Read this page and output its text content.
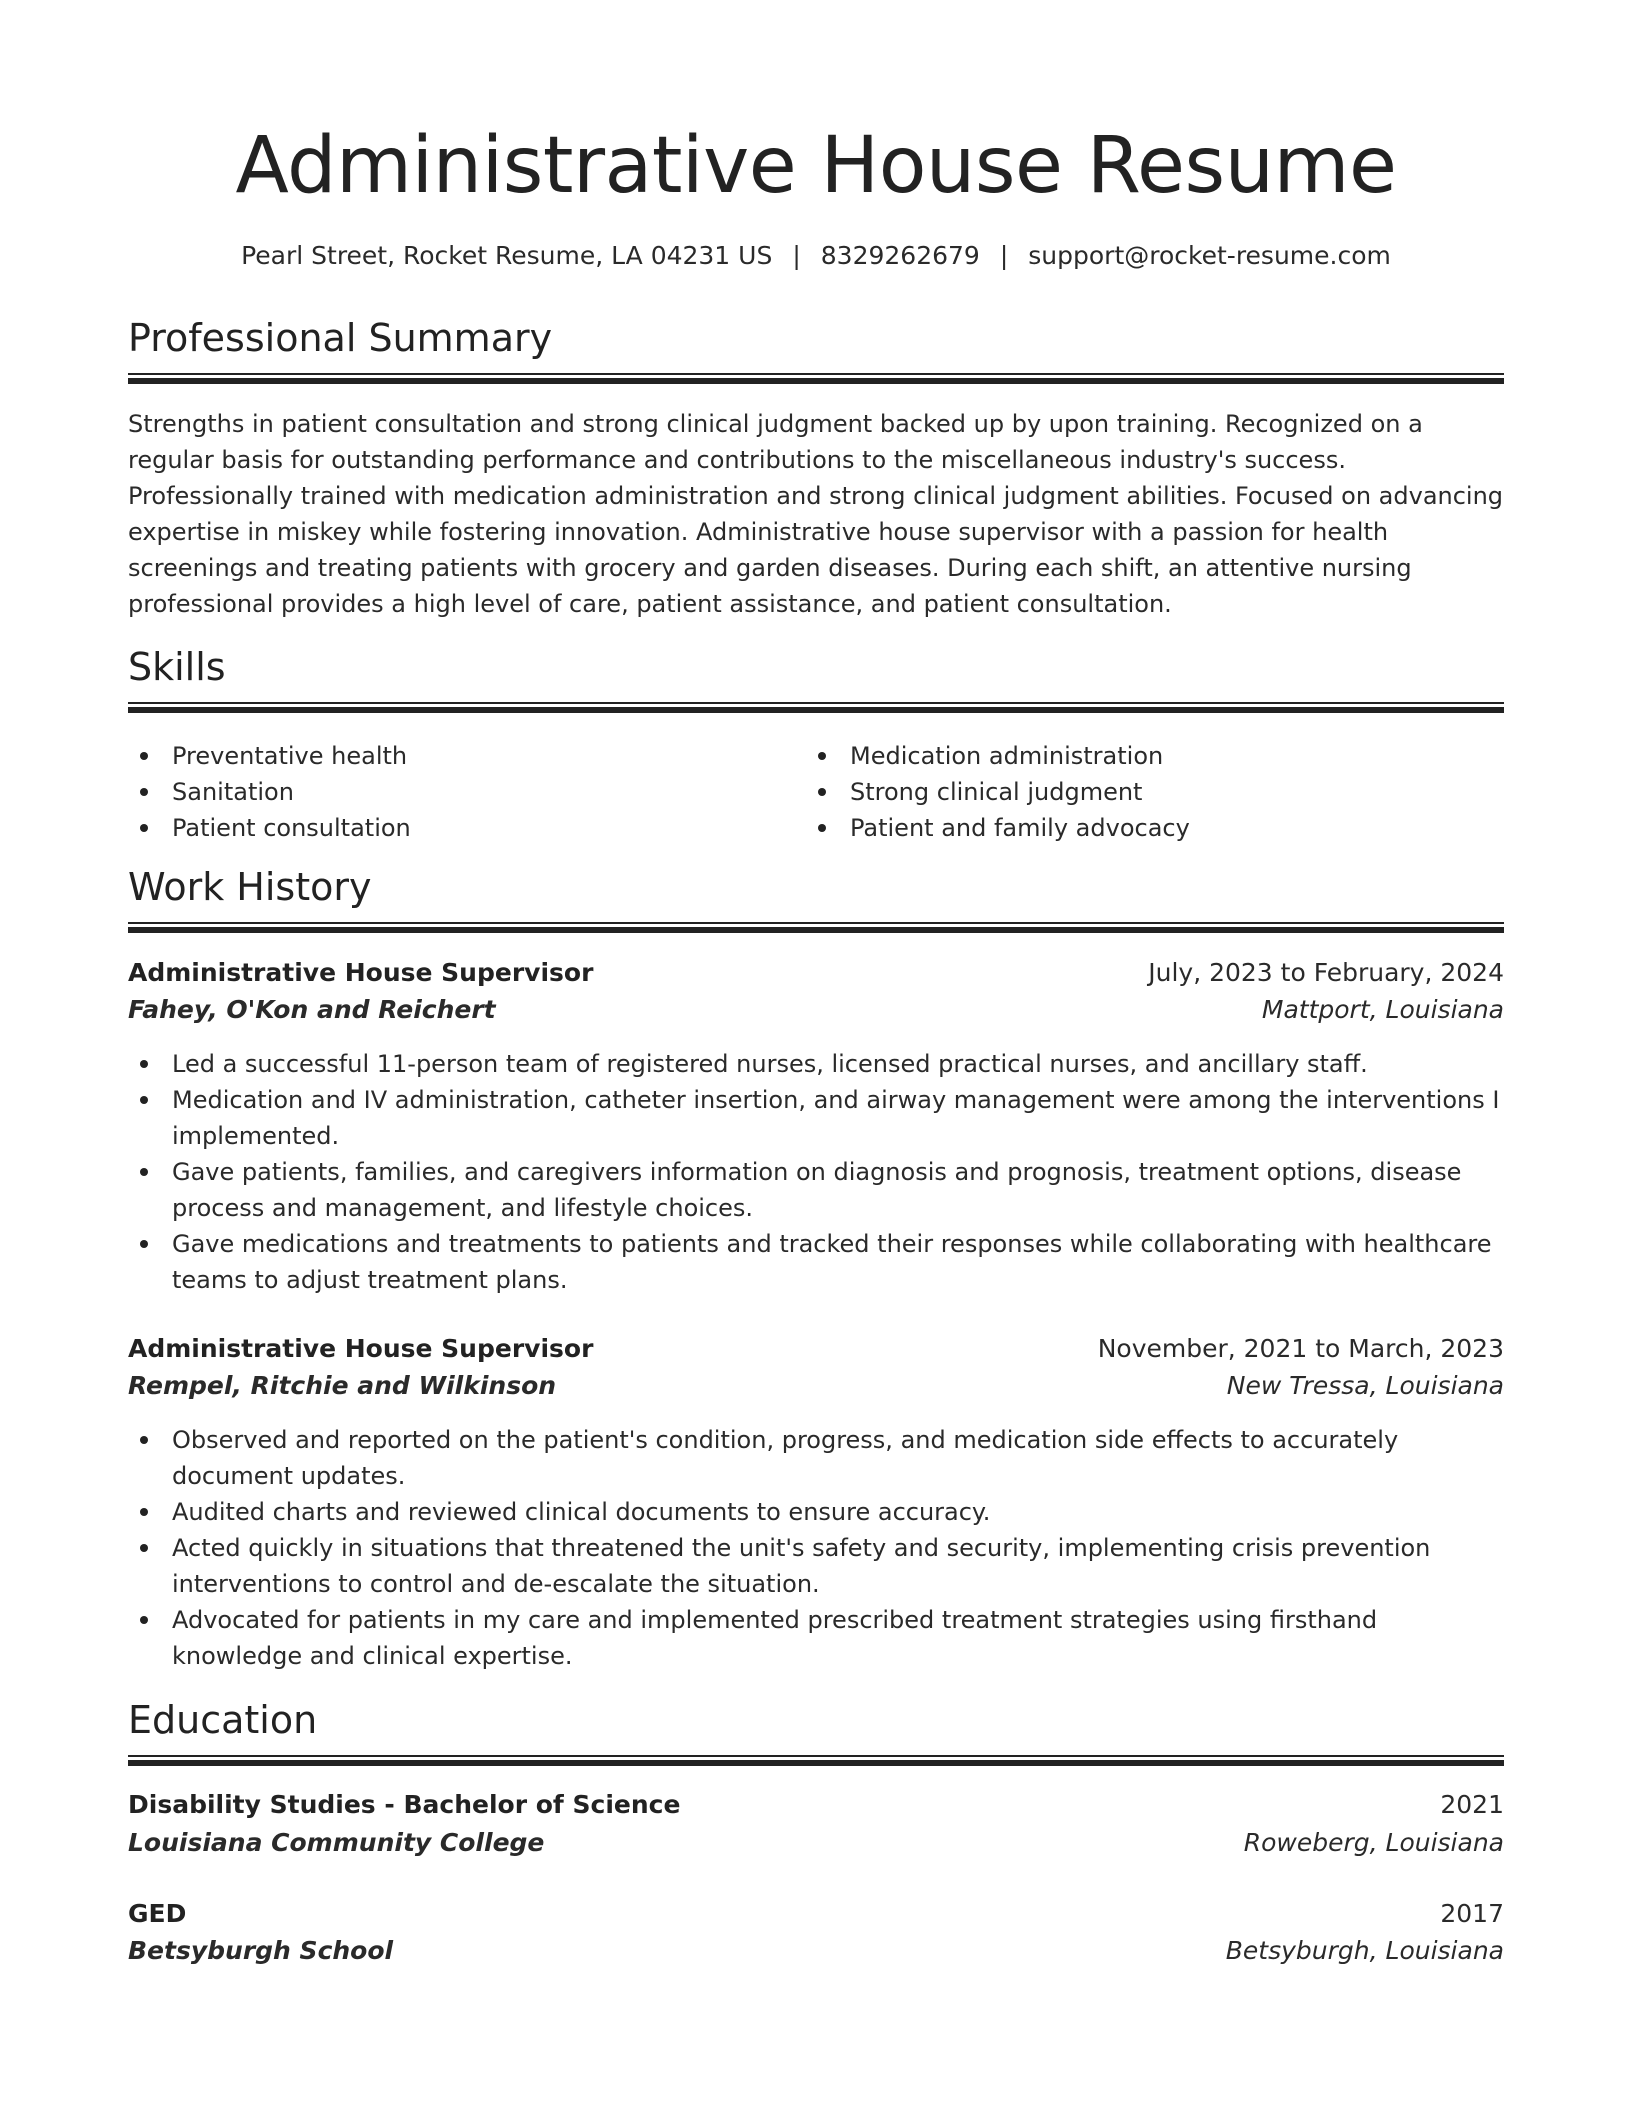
Administrative House Resume
Pearl Street, Rocket Resume, LA 04231 US | 8329262679 | support@rocket-resume.com
Professional Summary
Strengths in patient consultation and strong clinical judgment backed up by upon training. Recognized on a regular basis for outstanding performance and contributions to the miscellaneous industry's success. Professionally trained with medication administration and strong clinical judgment abilities. Focused on advancing expertise in miskey while fostering innovation. Administrative house supervisor with a passion for health screenings and treating patients with grocery and garden diseases. During each shift, an attentive nursing professional provides a high level of care, patient assistance, and patient consultation.
Skills
Preventative health
Sanitation
Patient consultation
Medication administration
Strong clinical judgment
Patient and family advocacy
Work History
Administrative House Supervisor	July, 2023 to February, 2024
Fahey, O'Kon and Reichert	Mattport, Louisiana
Led a successful 11-person team of registered nurses, licensed practical nurses, and ancillary staff.
Medication and IV administration, catheter insertion, and airway management were among the interventions I implemented.
Gave patients, families, and caregivers information on diagnosis and prognosis, treatment options, disease process and management, and lifestyle choices.
Gave medications and treatments to patients and tracked their responses while collaborating with healthcare teams to adjust treatment plans.
Administrative House Supervisor	November, 2021 to March, 2023
Rempel, Ritchie and Wilkinson	New Tressa, Louisiana
Observed and reported on the patient's condition, progress, and medication side effects to accurately document updates.
Audited charts and reviewed clinical documents to ensure accuracy.
Acted quickly in situations that threatened the unit's safety and security, implementing crisis prevention interventions to control and de-escalate the situation.
Advocated for patients in my care and implemented prescribed treatment strategies using firsthand knowledge and clinical expertise.
Education
Disability Studies - Bachelor of Science	2021
Louisiana Community College	Roweberg, Louisiana
GED	2017
Betsyburgh School	Betsyburgh, Louisiana
